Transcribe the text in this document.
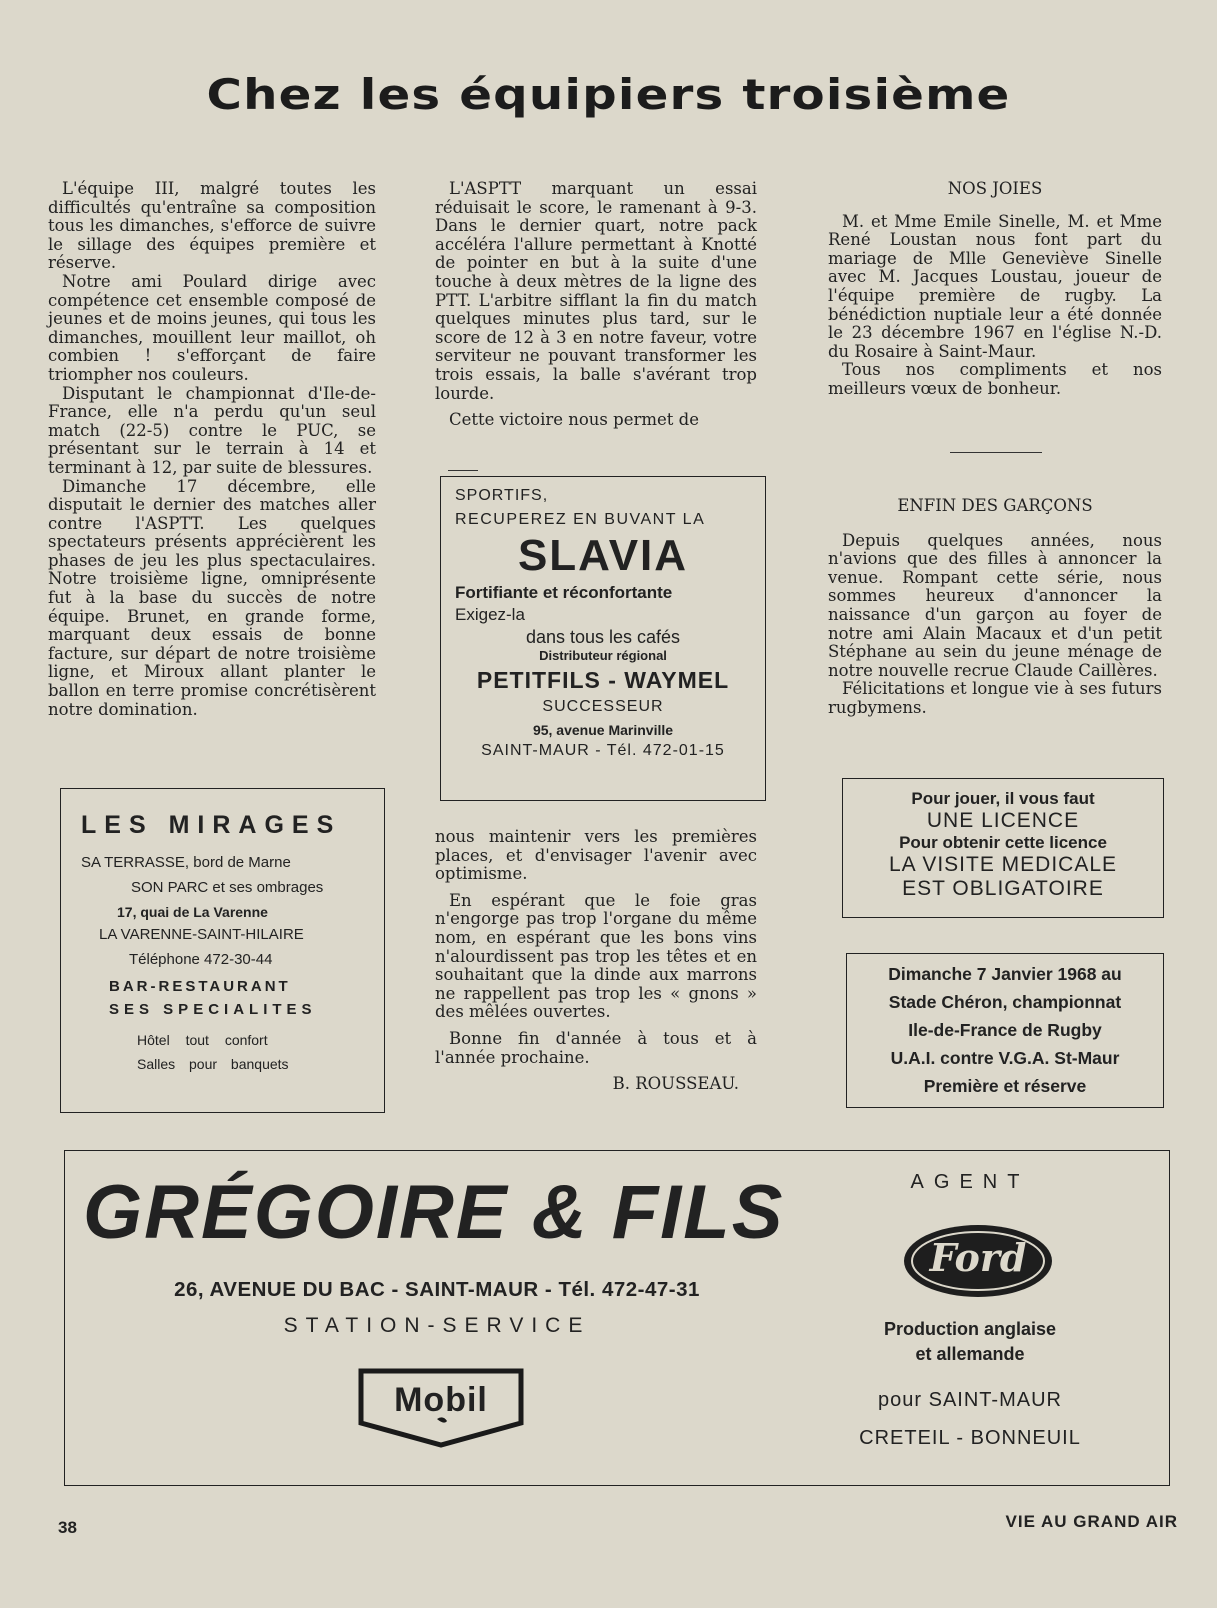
Chez les équipiers troisième

L'équipe III, malgré toutes les difficultés qu'entraîne sa composition tous les dimanches, s'efforce de suivre le sillage des équipes première et réserve.

Notre ami Poulard dirige avec compétence cet ensemble composé de jeunes et de moins jeunes, qui tous les dimanches, mouillent leur maillot, oh combien ! s'efforçant de faire triompher nos couleurs.

Disputant le championnat d'Ile-de-France, elle n'a perdu qu'un seul match (22-5) contre le PUC, se présentant sur le terrain à 14 et terminant à 12, par suite de blessures.

Dimanche 17 décembre, elle disputait le dernier des matches aller contre l'ASPTT. Les quelques spectateurs présents apprécièrent les phases de jeu les plus spectaculaires. Notre troisième ligne, omniprésente fut à la base du succès de notre équipe. Brunet, en grande forme, marquant deux essais de bonne facture, sur départ de notre troisième ligne, et Miroux allant planter le ballon en terre promise concrétisèrent notre domination.

L'ASPTT marquant un essai réduisait le score, le ramenant à 9-3. Dans le dernier quart, notre pack accéléra l'allure permettant à Knotté de pointer en but à la suite d'une touche à deux mètres de la ligne des PTT. L'arbitre sifflant la fin du match quelques minutes plus tard, sur le score de 12 à 3 en notre faveur, votre serviteur ne pouvant transformer les trois essais, la balle s'avérant trop lourde.

Cette victoire nous permet de

SPORTIFS,
RECUPEREZ EN BUVANT LA
SLAVIA
Fortifiante et réconfortante
Exigez-la
dans tous les cafés
Distributeur régional
PETITFILS - WAYMEL
SUCCESSEUR
95, avenue Marinville
SAINT-MAUR - Tél. 472-01-15

nous maintenir vers les premières places, et d'envisager l'avenir avec optimisme.

En espérant que le foie gras n'engorge pas trop l'organe du même nom, en espérant que les bons vins n'alourdissent pas trop les têtes et en souhaitant que la dinde aux marrons ne rappellent pas trop les « gnons » des mêlées ouvertes.

Bonne fin d'année à tous et à l'année prochaine.

B. ROUSSEAU.

NOS JOIES

M. et Mme Emile Sinelle, M. et Mme René Loustan nous font part du mariage de Mlle Geneviève Sinelle avec M. Jacques Loustau, joueur de l'équipe première de rugby. La bénédiction nuptiale leur a été donnée le 23 décembre 1967 en l'église N.-D. du Rosaire à Saint-Maur.

Tous nos compliments et nos meilleurs vœux de bonheur.

ENFIN DES GARÇONS

Depuis quelques années, nous n'avions que des filles à annoncer la venue. Rompant cette série, nous sommes heureux d'annoncer la naissance d'un garçon au foyer de notre ami Alain Macaux et d'un petit Stéphane au sein du jeune ménage de notre nouvelle recrue Claude Caillères.

Félicitations et longue vie à ses futurs rugbymens.

LES MIRAGES
SA TERRASSE, bord de Marne
SON PARC et ses ombrages
17, quai de La Varenne
LA VARENNE-SAINT-HILAIRE
Téléphone 472-30-44
BAR-RESTAURANT
SES SPECIALITES
Hôtel tout confort
Salles pour banquets
Pour jouer, il vous faut
UNE LICENCE
Pour obtenir cette licence
LA VISITE MEDICALE
EST OBLIGATOIRE
Dimanche 7 Janvier 1968 au
Stade Chéron, championnat
Ile-de-France de Rugby
U.A.I. contre V.G.A. St-Maur
Première et réserve
GRÉGOIRE & FILS
26, AVENUE DU BAC - SAINT-MAUR - Tél. 472-47-31
STATION-SERVICE
Mobil
AGENT
Ford
Production anglaise
et allemande
pour SAINT-MAUR
CRETEIL - BONNEUIL
38	VIE AU GRAND AIR
